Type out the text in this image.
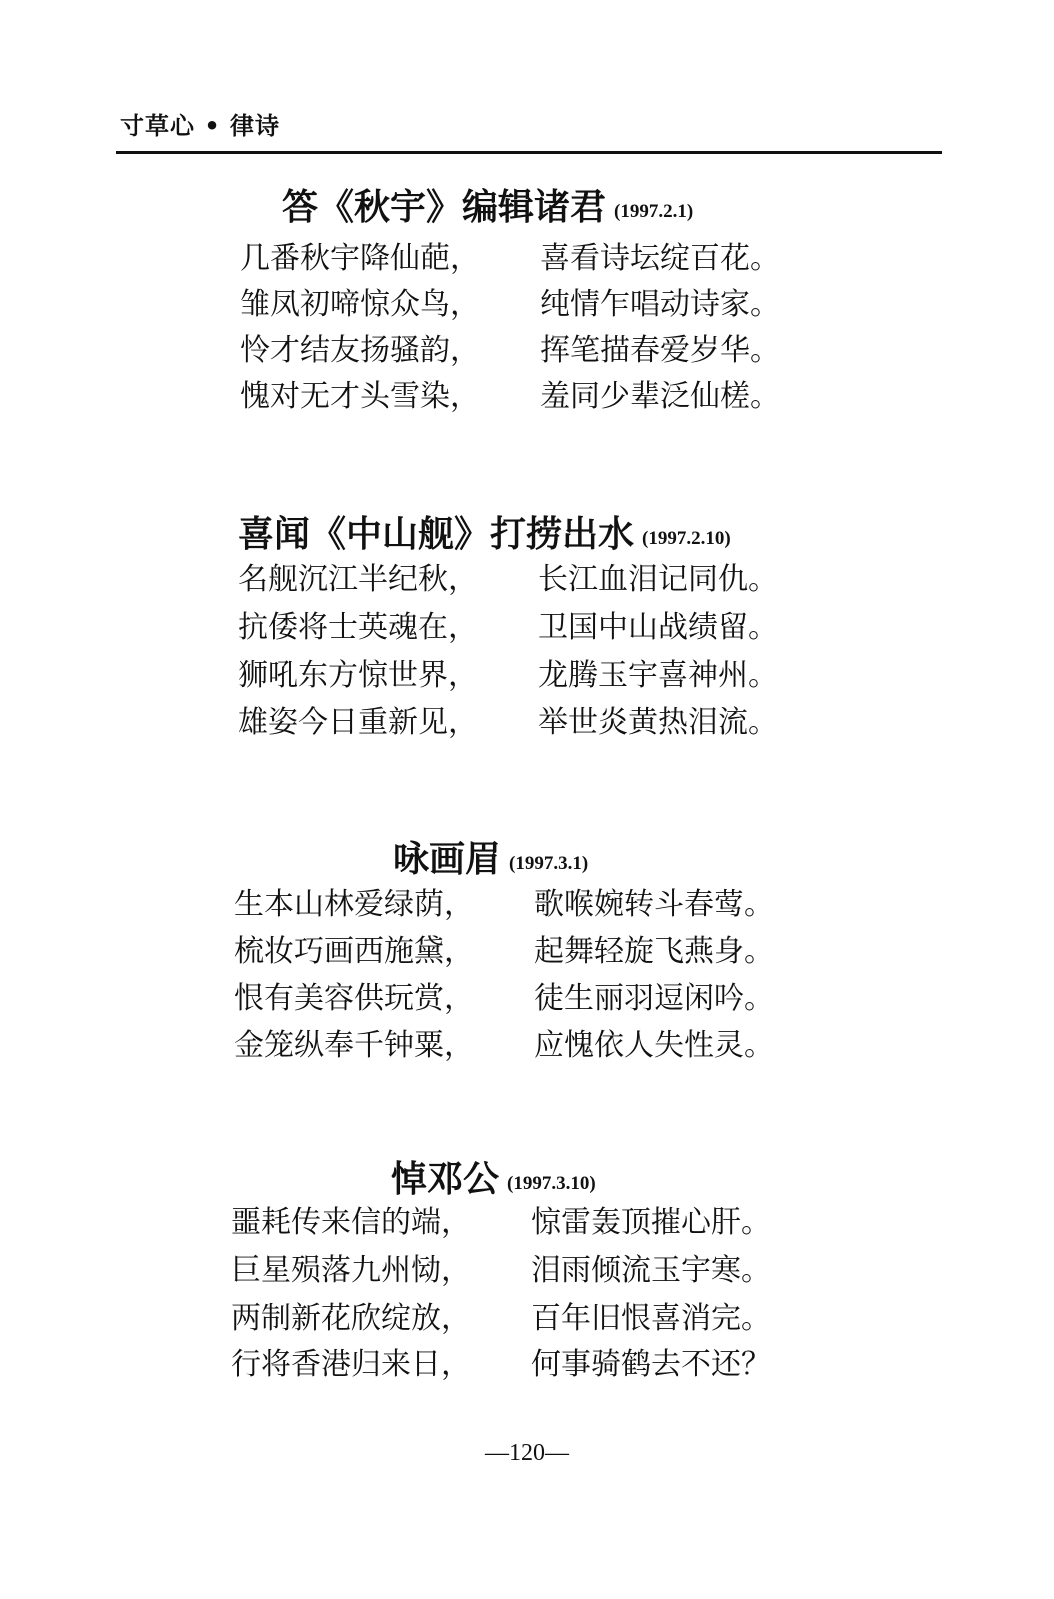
寸草心 • 律诗
答《秋宇》编辑诸君 (1997.2.1)
几番秋宇降仙葩， 喜看诗坛绽百花。
雏凤初啼惊众鸟， 纯情乍唱动诗家。
怜才结友扬骚韵， 挥笔描春爱岁华。
愧对无才头雪染， 羞同少辈泛仙槎。
喜闻《中山舰》打捞出水 (1997.2.10)
名舰沉江半纪秋， 长江血泪记同仇。
抗倭将士英魂在， 卫国中山战绩留。
狮吼东方惊世界， 龙腾玉宇喜神州。
雄姿今日重新见， 举世炎黄热泪流。
咏画眉 (1997.3.1)
生本山林爱绿荫， 歌喉婉转斗春莺。
梳妆巧画西施黛， 起舞轻旋飞燕身。
恨有美容供玩赏， 徒生丽羽逗闲吟。
金笼纵奉千钟粟， 应愧依人失性灵。
悼邓公 (1997.3.10)
噩耗传来信的端， 惊雷轰顶摧心肝。
巨星殒落九州恸， 泪雨倾流玉宇寒。
两制新花欣绽放， 百年旧恨喜消完。
行将香港归来日， 何事骑鹤去不还？
—120—
